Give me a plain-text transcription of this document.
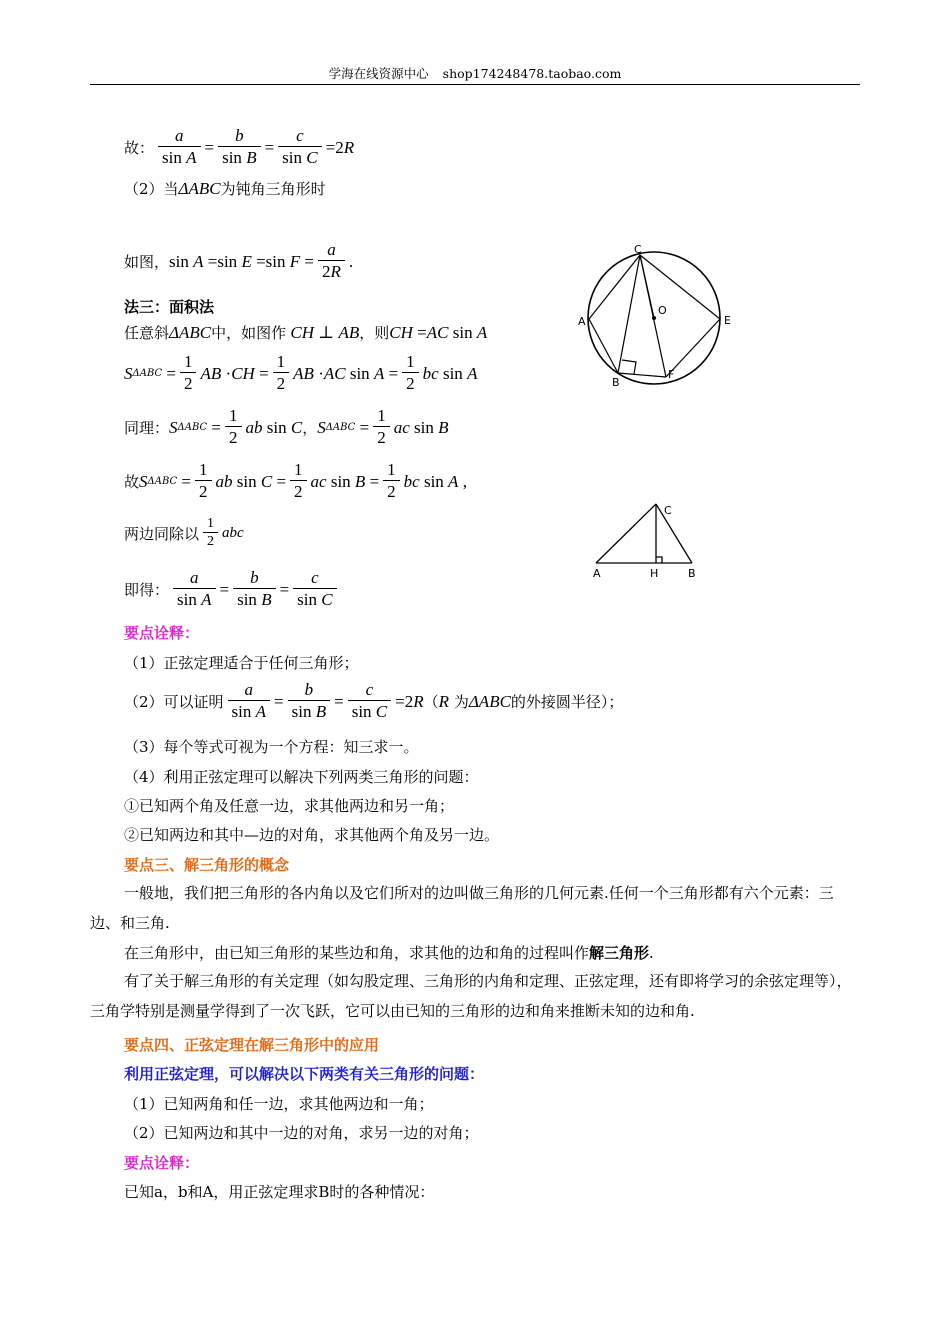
学海在线资源中心 shop174248478.taobao.com
故： $\frac{a}{\text{sin A}} = \frac{b}{\text{sin B}} = \frac{c}{\text{sin C}} =2R$
（2）当ΔABC为钝角三角形时
如图， sin A =sin E =sin $F = \frac{a}{2R}$ .
法三：面积法
任意斜 ΔABC 中，如图作 CH ⊥ AB ，则 CH =AC sin A
S $\Delta ABC = \frac{1}{2}$ AB $\cdot CH = \frac{1}{2}$ AB ·AC $\sin A = \frac{1}{2}$ bc sin A
同理： S $\Delta ABC = \frac{1}{2}$ ab sin C ， S $\Delta ABC = \frac{1}{2}$ ac sin B
故 S $\Delta ABC = \frac{1}{2}$ ab $\sin C = \frac{1}{2}$ ac $\sin B = \frac{1}{2}$ bc sin A ,
两边同除以 $\frac{1}{2}$ abc
即得： $\frac{a}{\text{sin A}} = \frac{b}{\text{sin B}} = \frac{c}{\text{sin C}}$
要点诠释：
（1）正弦定理适合于任何三角形；
（2）可以证明 $\frac{a}{\text{sin A}} = \frac{b}{\text{sin B}} = \frac{c}{\text{sin C}} =2R$ （ R
为 ΔABC 的外接圆半径）；
（3）每个等式可视为一个方程：知三求一。
（4）利用正弦定理可以解决下列两类三角形的问题：
①已知两个角及任意一边，求其他两边和另一角；
②已知两边和其中—边的对角，求其他两个角及另一边。
要点三、解三角形的概念
一般地，我们把三角形的各内角以及它们所对的边叫做三角形的几何元素.任何一个三角形都有六个元素：三边、和三角.
在三角形中，由已知三角形的某些边和角，求其他的边和角的过程叫作解三角形.
有了关于解三角形的有关定理（如勾股定理、三角形的内角和定理、正弦定理，还有即将学习的余弦定理等），三角学特别是测量学得到了一次飞跃，它可以由已知的三角形的边和角来推断未知的边和角.
要点四、正弦定理在解三角形中的应用
利用正弦定理，可以解决以下两类有关三角形的问题：
（1）已知两角和任一边，求其他两边和一角；
（2）已知两边和其中一边的对角，求另一边的对角；
要点诠释：
已知a，b和A，用正弦定理求B时的各种情况：
C
O
A	E
B
F
C
A	H	B
